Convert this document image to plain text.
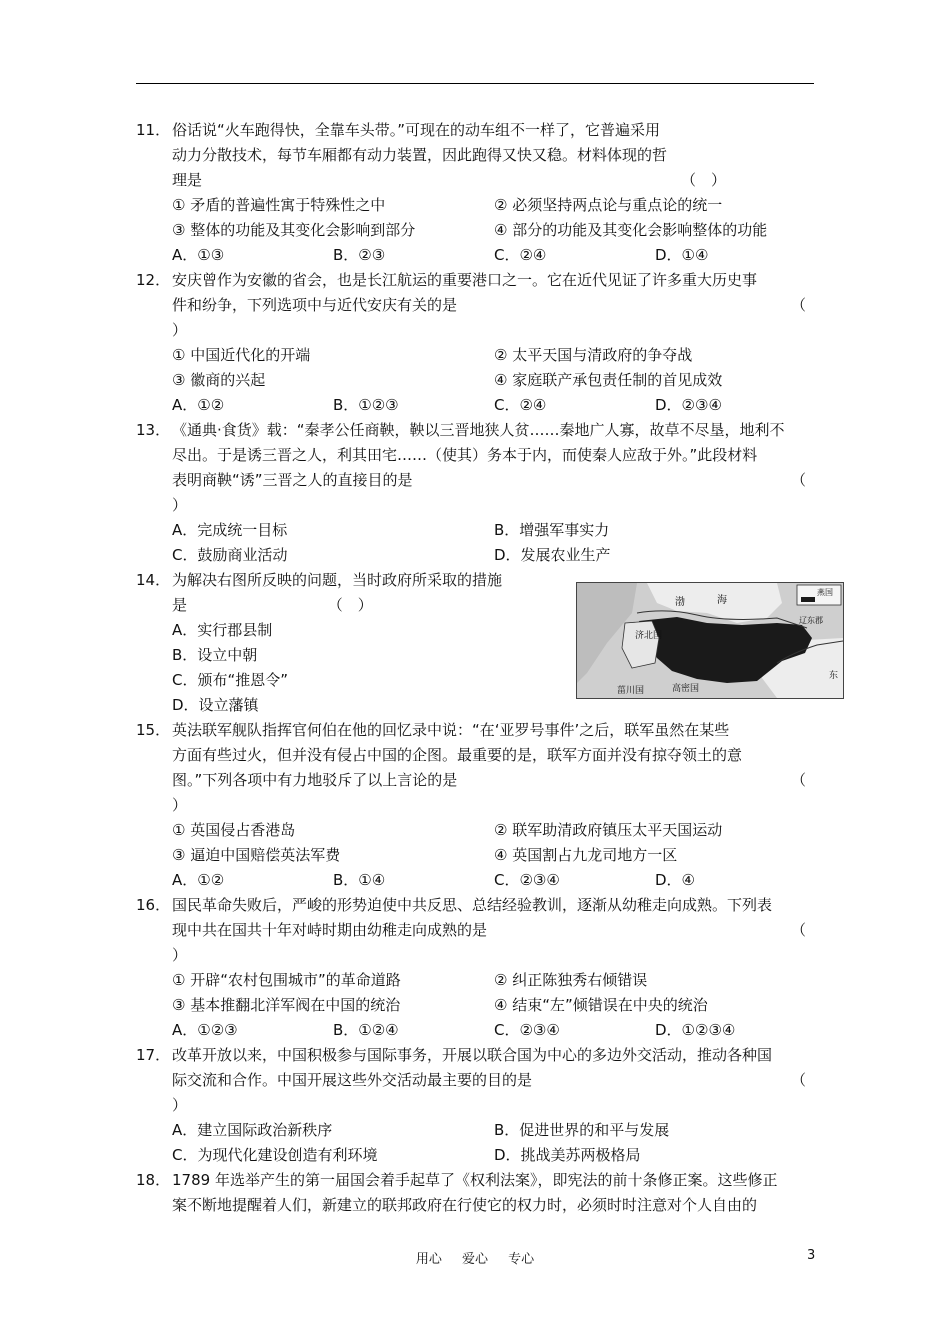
11． 俗话说“火车跑得快，全靠车头带。”可现在的动车组不一样了，它普遍采用
动力分散技术，每节车厢都有动力装置，因此跑得又快又稳。材料体现的哲
理是	（　）
① 矛盾的普遍性寓于特殊性之中	② 必须坚持两点论与重点论的统一
③ 整体的功能及其变化会影响到部分	④ 部分的功能及其变化会影响整体的功能
A．①③	B．②③	C．②④	D．①④
12． 安庆曾作为安徽的省会，也是长江航运的重要港口之一。它在近代见证了许多重大历史事
件和纷争，下列选项中与近代安庆有关的是	（
）
① 中国近代化的开端	② 太平天国与清政府的争夺战
③ 徽商的兴起	④ 家庭联产承包责任制的首见成效
A．①②	B．①②③	C．②④	D．②③④
13． 《通典·食货》载：“秦孝公任商鞅，鞅以三晋地狭人贫……秦地广人寡，故草不尽垦，地利不
尽出。于是诱三晋之人，利其田宅……（使其）务本于内，而使秦人应敌于外。”此段材料
表明商鞅“诱”三晋之人的直接目的是	（
）
A．完成统一目标	B．增强军事实力
C．鼓励商业活动	D．发展农业生产
14． 为解决右图所反映的问题，当时政府所采取的措施
是	（　）
A．实行郡县制
B．设立中朝
C．颁布“推恩令”
D．设立藩镇
15． 英法联军舰队指挥官何伯在他的回忆录中说：“在‘亚罗号事件’之后，联军虽然在某些
方面有些过火，但并没有侵占中国的企图。最重要的是，联军方面并没有掠夺领土的意
图。”下列各项中有力地驳斥了以上言论的是	（
）
① 英国侵占香港岛	② 联军助清政府镇压太平天国运动
③ 逼迫中国赔偿英法军费	④ 英国割占九龙司地方一区
A．①②	B．①④	C．②③④	D．④
16． 国民革命失败后，严峻的形势迫使中共反思、总结经验教训，逐渐从幼稚走向成熟。下列表
现中共在国共十年对峙时期由幼稚走向成熟的是	（
）
① 开辟“农村包围城市”的革命道路	② 纠正陈独秀右倾错误
③ 基本推翻北洋军阀在中国的统治	④ 结束“左”倾错误在中央的统治
A．①②③	B．①②④	C．②③④	D．①②③④
17． 改革开放以来，中国积极参与国际事务，开展以联合国为中心的多边外交活动，推动各种国
际交流和合作。中国开展这些外交活动最主要的目的是	（
）
A．建立国际政治新秩序	B．促进世界的和平与发展
C．为现代化建设创造有利环境	D．挑战美苏两极格局
18． 1789 年选举产生的第一届国会着手起草了《权利法案》，即宪法的前十条修正案。这些修正
案不断地提醒着人们，新建立的联邦政府在行使它的权力时，必须时时注意对个人自由的
济北国
菑川国	高密国
渤	海
燕国
辽东郡
东
用心 爱心 专心	3
